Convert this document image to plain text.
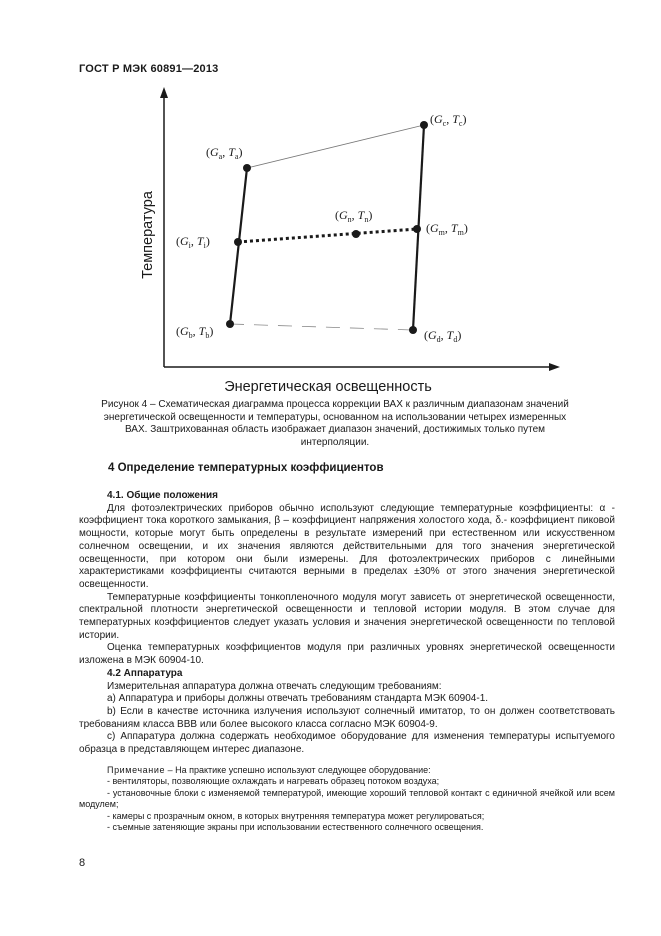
ГОСТ Р МЭК 60891—2013
($G_a$, $T_a$)
($G_c$, $T_c$)
($G_n$, $T_n$)
($G_i$, $T_i$)
($G_m$, $T_m$)
($G_b$, $T_b$)	($G_d$, $T_d$)
Температура
Энергетическая освещенность
Рисунок 4 – Схематическая диаграмма процесса коррекции ВАХ к различным диапазонам значений энергетической освещенности и температуры, основанном на использовании четырех измеренных ВАХ. Заштрихованная область изображает диапазон значений, достижимых только путем интерполяции.
4 Определение температурных коэффициентов

4.1. Общие положения

Для фотоэлектрических приборов обычно используют следующие температурные коэффициенты: α - коэффициент тока короткого замыкания, β – коэффициент напряжения холостого хода, δ.- коэффициент пиковой мощности, которые могут быть определены в результате измерений при естественном или искусственном солнечном освещении, и их значения являются действительными для того значения энергетической освещенности, при котором они были измерены. Для фотоэлектрических приборов с линейными характеристиками коэффициенты считаются верными в пределах ±30% от этого значения энергетической освещенности.

Температурные коэффициенты тонкопленочного модуля могут зависеть от энергетической освещенности, спектральной плотности энергетической освещенности и тепловой истории модуля. В этом случае для температурных коэффициентов следует указать условия и значения энергетической освещенности по тепловой истории.

Оценка температурных коэффициентов модуля при различных уровнях энергетической освещенности изложена в МЭК 60904-10.

4.2 Аппаратура

Измерительная аппаратура должна отвечать следующим требованиям:

а) Аппаратура и приборы должны отвечать требованиям стандарта МЭК 60904-1.

b) Если в качестве источника излучения используют солнечный имитатор, то он должен соответствовать требованиям класса ВВВ или более высокого класса согласно МЭК 60904-9.

с) Аппаратура должна содержать необходимое оборудование для изменения температуры испытуемого образца в представляющем интерес диапазоне.

Примечание – На практике успешно используют следующее оборудование:

- вентиляторы, позволяющие охлаждать и нагревать образец потоком воздуха;

- установочные блоки с изменяемой температурой, имеющие хороший тепловой контакт с единичной ячейкой или всем модулем;

- камеры с прозрачным окном, в которых внутренняя температура может регулироваться;

- съемные затеняющие экраны при использовании естественного солнечного освещения.

8
